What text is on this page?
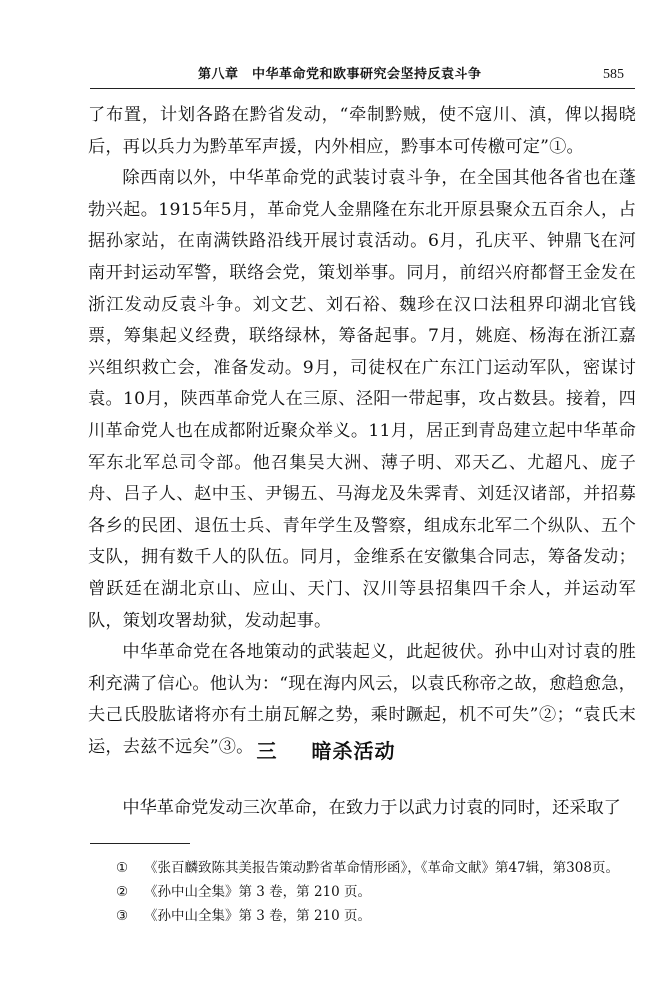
第八章　中华革命党和欧事研究会坚持反袁斗争	585

了布置，计划各路在黔省发动，“牵制黔贼，使不寇川、滇，俾以揭晓后，再以兵力为黔革军声援，内外相应，黔事本可传檄可定”①。

除西南以外，中华革命党的武装讨袁斗争，在全国其他各省也在蓬勃兴起。1915年5月，革命党人金鼎隆在东北开原县聚众五百余人，占据孙家站，在南满铁路沿线开展讨袁活动。6月，孔庆平、钟鼎飞在河南开封运动军警，联络会党，策划举事。同月，前绍兴府都督王金发在浙江发动反袁斗争。刘文艺、刘石裕、魏珍在汉口法租界印湖北官钱票，筹集起义经费，联络绿林，筹备起事。7月，姚庭、杨海在浙江嘉兴组织救亡会，准备发动。9月，司徒权在广东江门运动军队，密谋讨袁。10月，陕西革命党人在三原、泾阳一带起事，攻占数县。接着，四川革命党人也在成都附近聚众举义。11月，居正到青岛建立起中华革命军东北军总司令部。他召集吴大洲、薄子明、邓天乙、尤超凡、庞子舟、吕子人、赵中玉、尹锡五、马海龙及朱霁青、刘廷汉诸部，并招募各乡的民团、退伍士兵、青年学生及警察，组成东北军二个纵队、五个支队，拥有数千人的队伍。同月，金维系在安徽集合同志，筹备发动；曾跃廷在湖北京山、应山、天门、汉川等县招集四千余人，并运动军队，策划攻署劫狱，发动起事。

中华革命党在各地策动的武装起义，此起彼伏。孙中山对讨袁的胜利充满了信心。他认为：“现在海内风云，以袁氏称帝之故，愈趋愈急，夫己氏股肱诸将亦有土崩瓦解之势，乘时蹶起，机不可失”②；“袁氏末运，去兹不远矣”③。 三 暗杀活动
中华革命党发动三次革命，在致力于以武力讨袁的同时，还采取了
① 《张百麟致陈其美报告策动黔省革命情形函》，《革命文献》第47辑，第308页。
② 《孙中山全集》第 3 卷，第 210 页。
③ 《孙中山全集》第 3 卷，第 210 页。
